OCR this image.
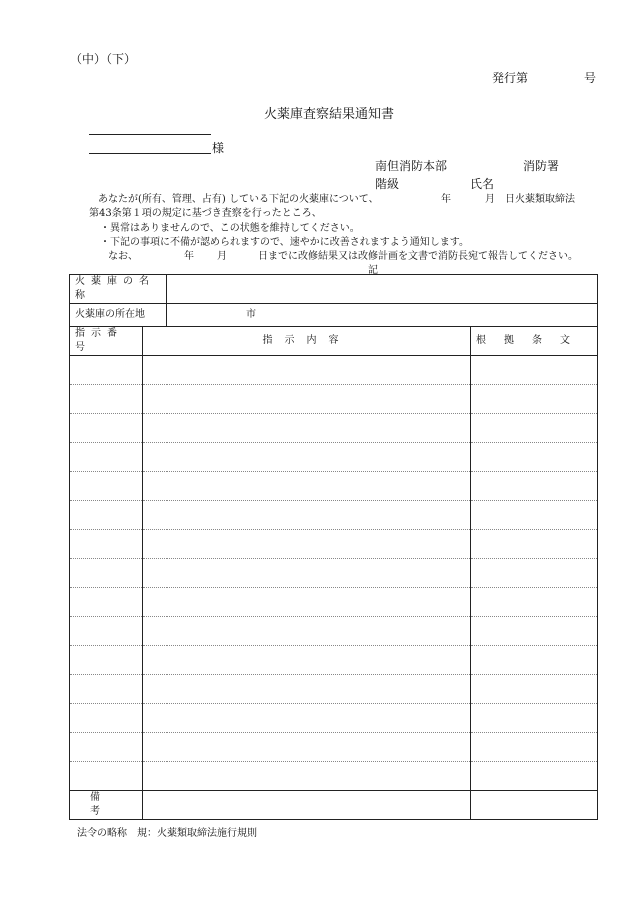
（中）（下）
発行第	号
火薬庫査察結果通知書
様
南但消防本部	消防署
階級	氏名
あなたが(所有、管理、占有) している下記の火薬庫について、	年	月 日火薬類取締法
第43条第１項の規定に基づき査察を行ったところ、
・異常はありませんので、この状態を維持してください。
・下記の事項に不備が認められますので、速やかに改善されますよう通知します。
なお、	年 月	日までに改修結果又は改修計画を文書で消防長宛て報告してください。
記
火薬庫の名称			
火薬庫の所在地		市	
指示番号	指示内容		根拠条文

備考			
法令の略称　規：火薬類取締法施行規則
